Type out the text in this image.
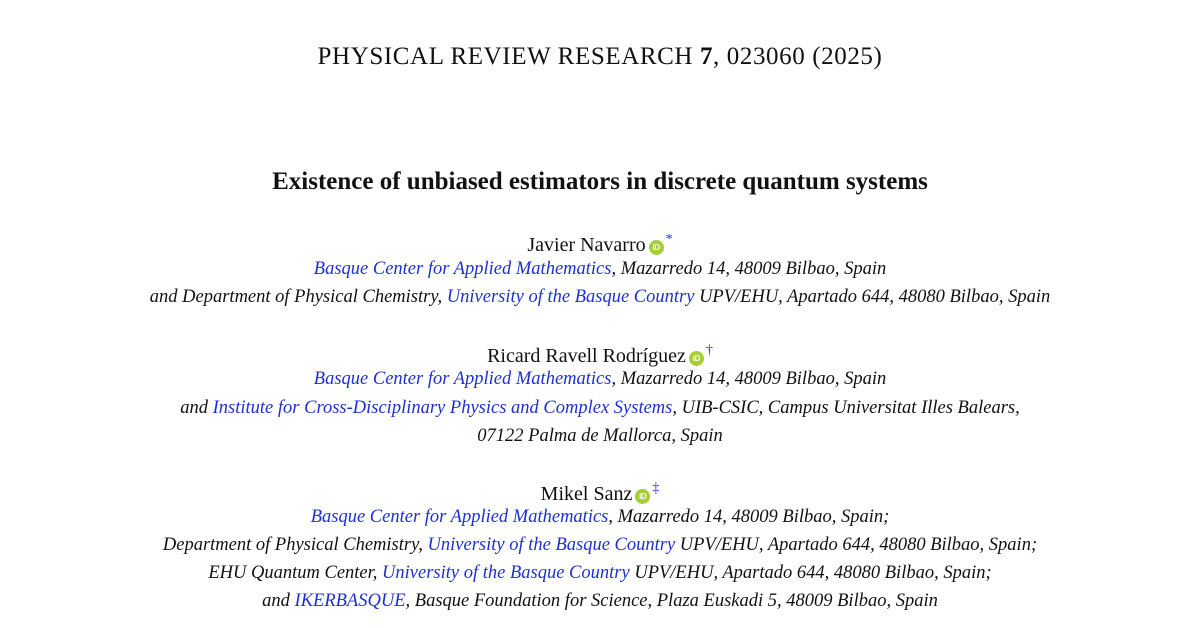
PHYSICAL REVIEW RESEARCH 7, 023060 (2025)
Existence of unbiased estimators in discrete quantum systems
Javier Navarro iD*
Basque Center for Applied Mathematics, Mazarredo 14, 48009 Bilbao, Spain
and Department of Physical Chemistry, University of the Basque Country UPV/EHU, Apartado 644, 48080 Bilbao, Spain
Ricard Ravell Rodríguez iD†
Basque Center for Applied Mathematics, Mazarredo 14, 48009 Bilbao, Spain
and Institute for Cross-Disciplinary Physics and Complex Systems, UIB-CSIC, Campus Universitat Illes Balears,
07122 Palma de Mallorca, Spain
Mikel Sanz iD‡
Basque Center for Applied Mathematics, Mazarredo 14, 48009 Bilbao, Spain;
Department of Physical Chemistry, University of the Basque Country UPV/EHU, Apartado 644, 48080 Bilbao, Spain;
EHU Quantum Center, University of the Basque Country UPV/EHU, Apartado 644, 48080 Bilbao, Spain;
and IKERBASQUE, Basque Foundation for Science, Plaza Euskadi 5, 48009 Bilbao, Spain
